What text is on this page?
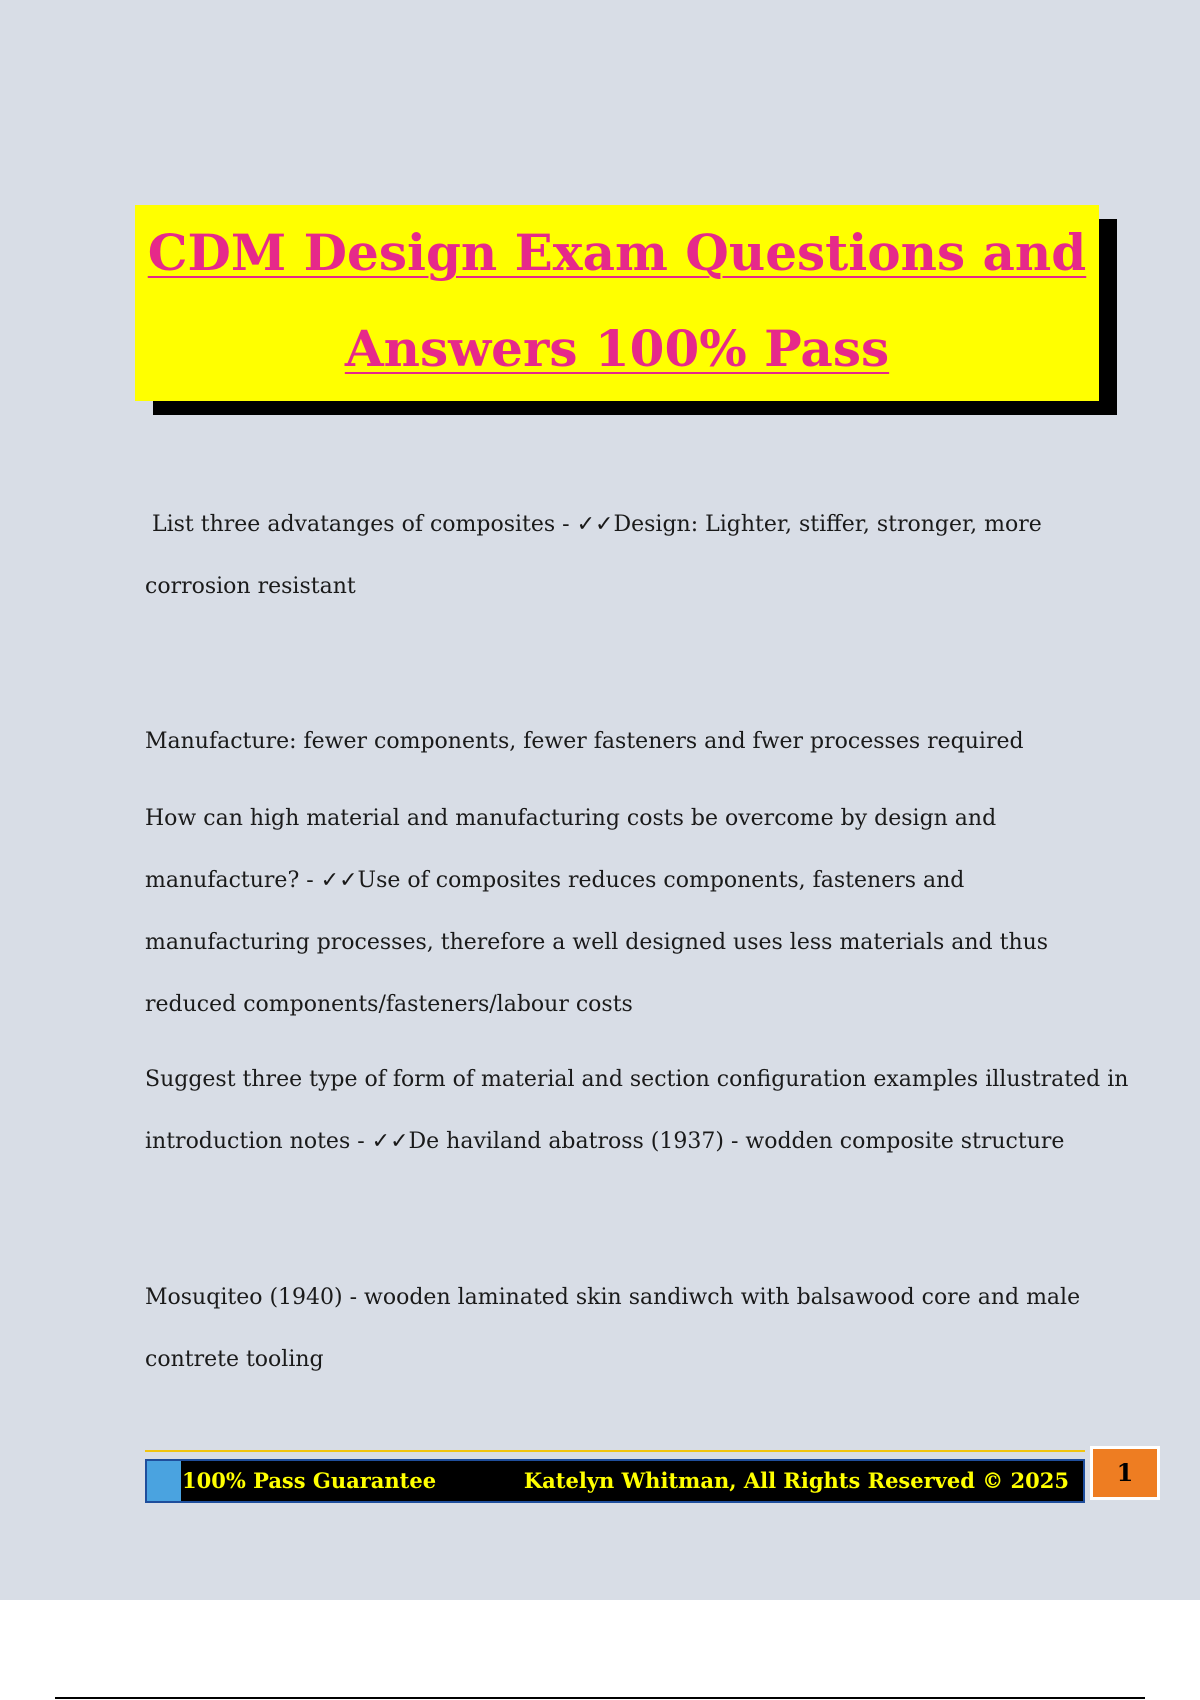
CDM Design Exam Questions and
Answers 100% Pass
List three advatanges of composites - ✓✓Design: Lighter, stiffer, stronger, more
corrosion resistant
Manufacture: fewer components, fewer fasteners and fwer processes required
How can high material and manufacturing costs be overcome by design and
manufacture? - ✓✓Use of composites reduces components, fasteners and
manufacturing processes, therefore a well designed uses less materials and thus
reduced components/fasteners/labour costs
Suggest three type of form of material and section configuration examples illustrated in
introduction notes - ✓✓De haviland abatross (1937) - wodden composite structure
Mosuqiteo (1940) - wooden laminated skin sandiwch with balsawood core and male
contrete tooling
100% Pass Guarantee	Katelyn Whitman, All Rights Reserved © 2025	1
